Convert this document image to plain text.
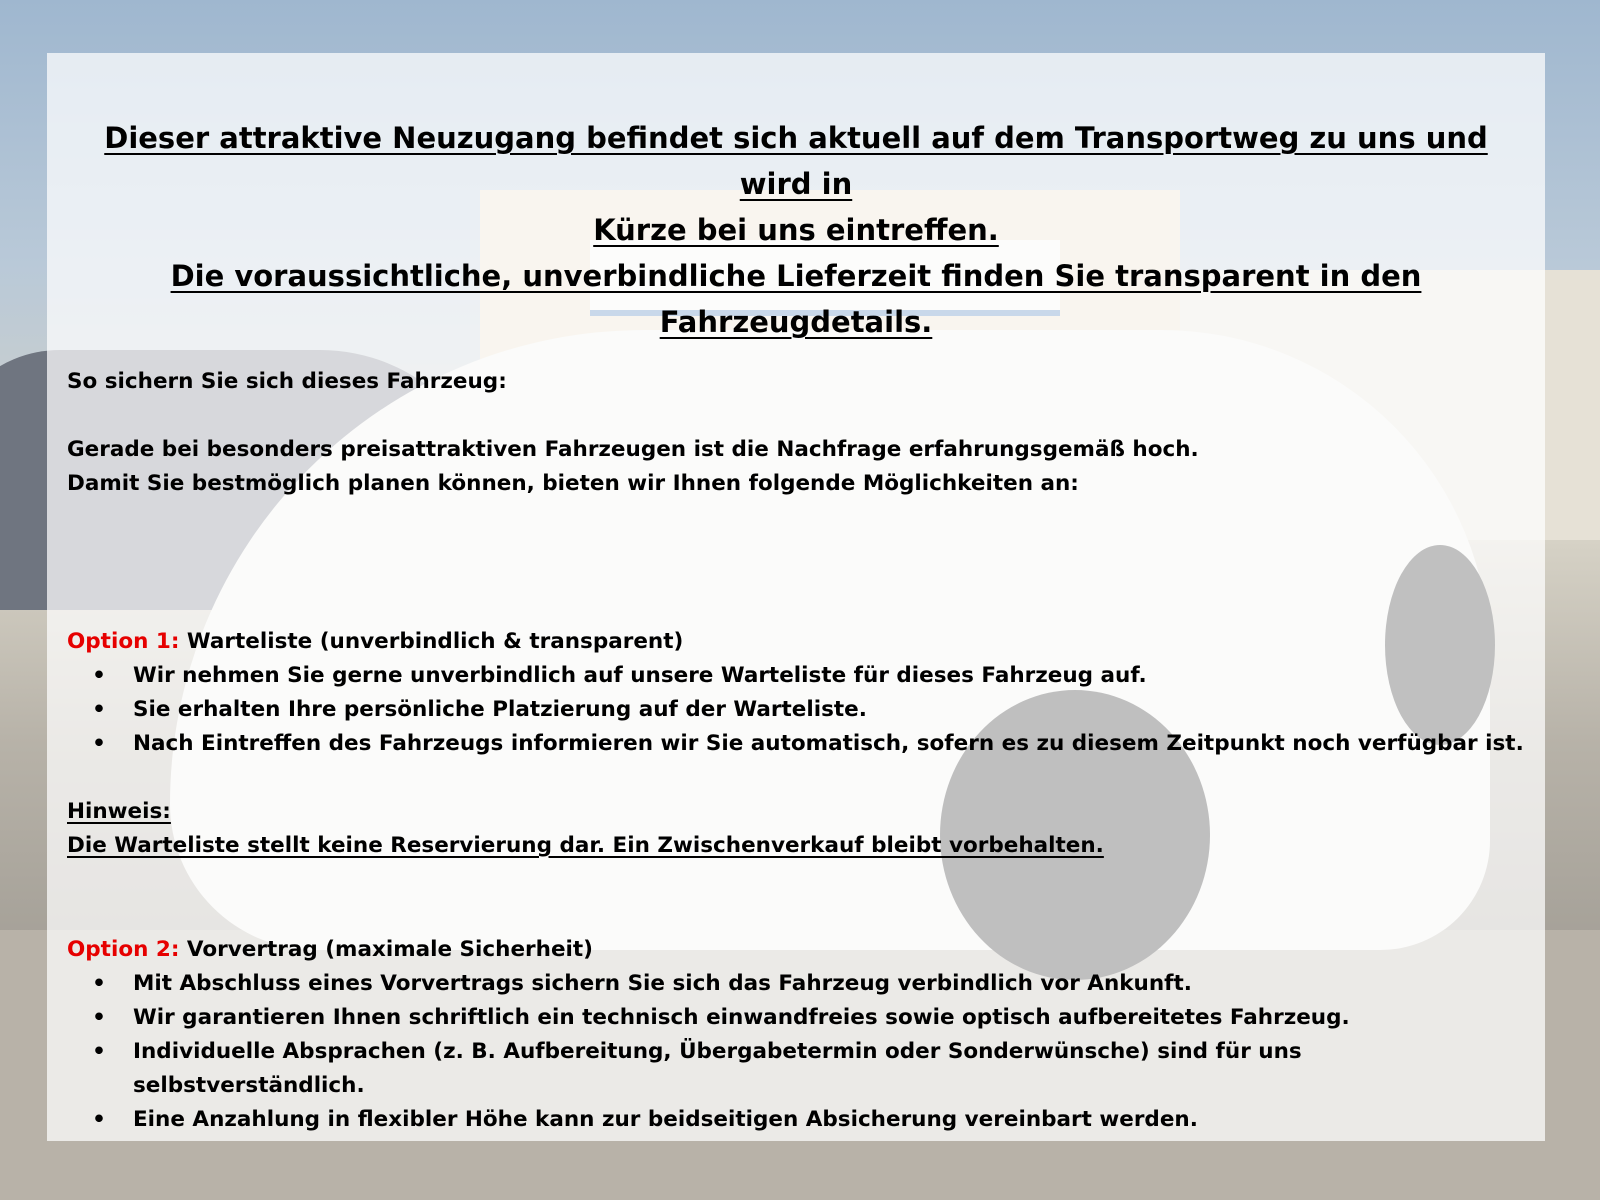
Dieser attraktive Neuzugang befindet sich aktuell auf dem Transportweg zu uns und wird in
Kürze bei uns eintreffen.
Die voraussichtliche, unverbindliche Lieferzeit finden Sie transparent in den
Fahrzeugdetails.

So sichern Sie sich dieses Fahrzeug:

Gerade bei besonders preisattraktiven Fahrzeugen ist die Nachfrage erfahrungsgemäß hoch.

Damit Sie bestmöglich planen können, bieten wir Ihnen folgende Möglichkeiten an:

Option 1: Warteliste (unverbindlich & transparent)

• Wir nehmen Sie gerne unverbindlich auf unsere Warteliste für dieses Fahrzeug auf.
• Sie erhalten Ihre persönliche Platzierung auf der Warteliste.
• Nach Eintreffen des Fahrzeugs informieren wir Sie automatisch, sofern es zu diesem Zeitpunkt noch verfügbar ist.

Hinweis:

Die Warteliste stellt keine Reservierung dar. Ein Zwischenverkauf bleibt vorbehalten.

Option 2: Vorvertrag (maximale Sicherheit)

• Mit Abschluss eines Vorvertrags sichern Sie sich das Fahrzeug verbindlich vor Ankunft.
• Wir garantieren Ihnen schriftlich ein technisch einwandfreies sowie optisch aufbereitetes Fahrzeug.
• Individuelle Absprachen (z. B. Aufbereitung, Übergabetermin oder Sonderwünsche) sind für uns selbstverständlich.
• Eine Anzahlung in flexibler Höhe kann zur beidseitigen Absicherung vereinbart werden.
